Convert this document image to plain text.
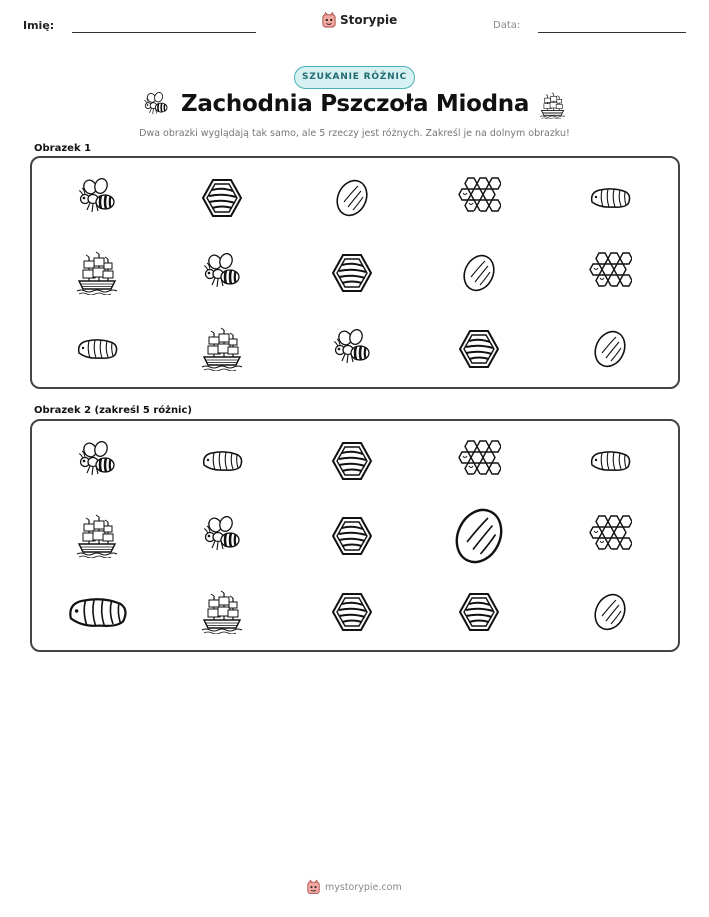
Imię:	Storypie	Data:
SZUKANIE RÓŻNIC
Zachodnia Pszczoła Miodna
Dwa obrazki wyglądają tak samo, ale 5 rzeczy jest różnych. Zakreśl je na dolnym obrazku!
Obrazek 1
Obrazek 2 (zakreśl 5 różnic)
mystorypie.com
